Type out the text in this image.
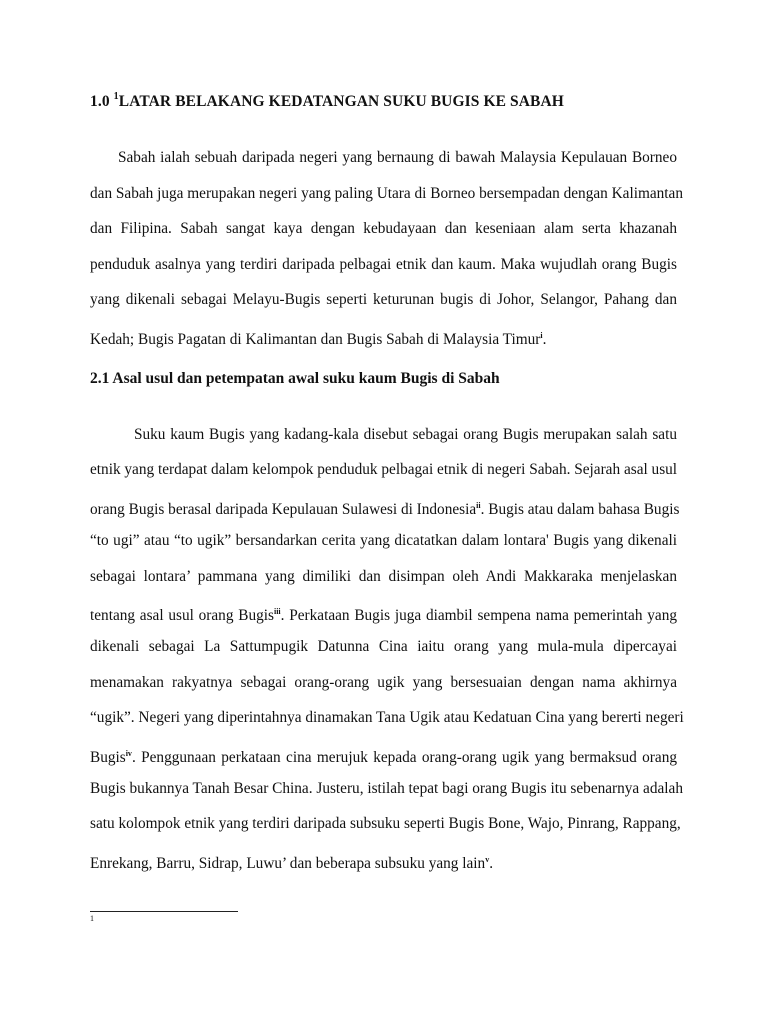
1.0 $^1$LATAR BELAKANG KEDATANGAN SUKU BUGIS KE SABAH
Sabah ialah sebuah daripada negeri yang bernaung di bawah Malaysia Kepulauan Borneo
dan Sabah juga merupakan negeri yang paling Utara di Borneo bersempadan dengan Kalimantan
dan Filipina. Sabah sangat kaya dengan kebudayaan dan keseniaan alam serta khazanah
penduduk asalnya yang terdiri daripada pelbagai etnik dan kaum. Maka wujudlah orang Bugis
yang dikenali sebagai Melayu-Bugis seperti keturunan bugis di Johor, Selangor, Pahang dan
Kedah; Bugis Pagatan di Kalimantan dan Bugis Sabah di Malaysia Timur$^i$.
2.1 Asal usul dan petempatan awal suku kaum Bugis di Sabah
Suku kaum Bugis yang kadang-kala disebut sebagai orang Bugis merupakan salah satu
etnik yang terdapat dalam kelompok penduduk pelbagai etnik di negeri Sabah. Sejarah asal usul
orang Bugis berasal daripada Kepulauan Sulawesi di Indonesia$^{ii}$. Bugis atau dalam bahasa Bugis
“to ugi” atau “to ugik” bersandarkan cerita yang dicatatkan dalam lontara' Bugis yang dikenali
sebagai lontara’ pammana yang dimiliki dan disimpan oleh Andi Makkaraka menjelaskan
tentang asal usul orang Bugis$^{iii}$. Perkataan Bugis juga diambil sempena nama pemerintah yang
dikenali sebagai La Sattumpugik Datunna Cina iaitu orang yang mula-mula dipercayai
menamakan rakyatnya sebagai orang-orang ugik yang bersesuaian dengan nama akhirnya
“ugik”. Negeri yang diperintahnya dinamakan Tana Ugik atau Kedatuan Cina yang bererti negeri
Bugis$^{iv}$. Penggunaan perkataan cina merujuk kepada orang-orang ugik yang bermaksud orang
Bugis bukannya Tanah Besar China. Justeru, istilah tepat bagi orang Bugis itu sebenarnya adalah
satu kolompok etnik yang terdiri daripada subsuku seperti Bugis Bone, Wajo, Pinrang, Rappang,
Enrekang, Barru, Sidrap, Luwu’ dan beberapa subsuku yang lain$^v$.
1
